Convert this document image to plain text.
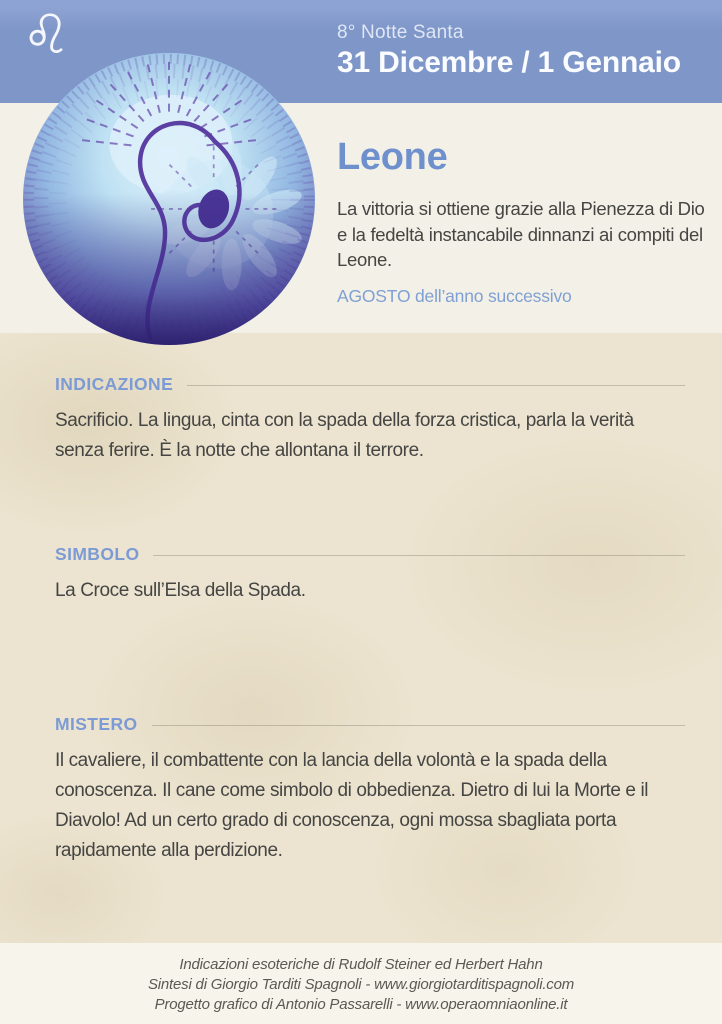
♌	8° Notte Santa
31 Dicembre / 1 Gennaio
Leone

La vittoria si ottiene grazie alla Pienezza di Dio e la fedeltà instancabile dinnanzi ai compiti del Leone.

AGOSTO dell’anno successivo
INDICAZIONE

Sacrificio. La lingua, cinta con la spada della forza cristica, parla la verità senza ferire. È la notte che allontana il terrore.

SIMBOLO

La Croce sull’Elsa della Spada.

MISTERO

Il cavaliere, il combattente con la lancia della volontà e la spada della conoscenza. Il cane come simbolo di obbedienza. Dietro di lui la Morte e il Diavolo! Ad un certo grado di conoscenza, ogni mossa sbagliata porta rapidamente alla perdizione.

Indicazioni esoteriche di Rudolf Steiner ed Herbert Hahn
Sintesi di Giorgio Tarditi Spagnoli - www.giorgiotarditispagnoli.com
Progetto grafico di Antonio Passarelli - www.operaomniaonline.it
